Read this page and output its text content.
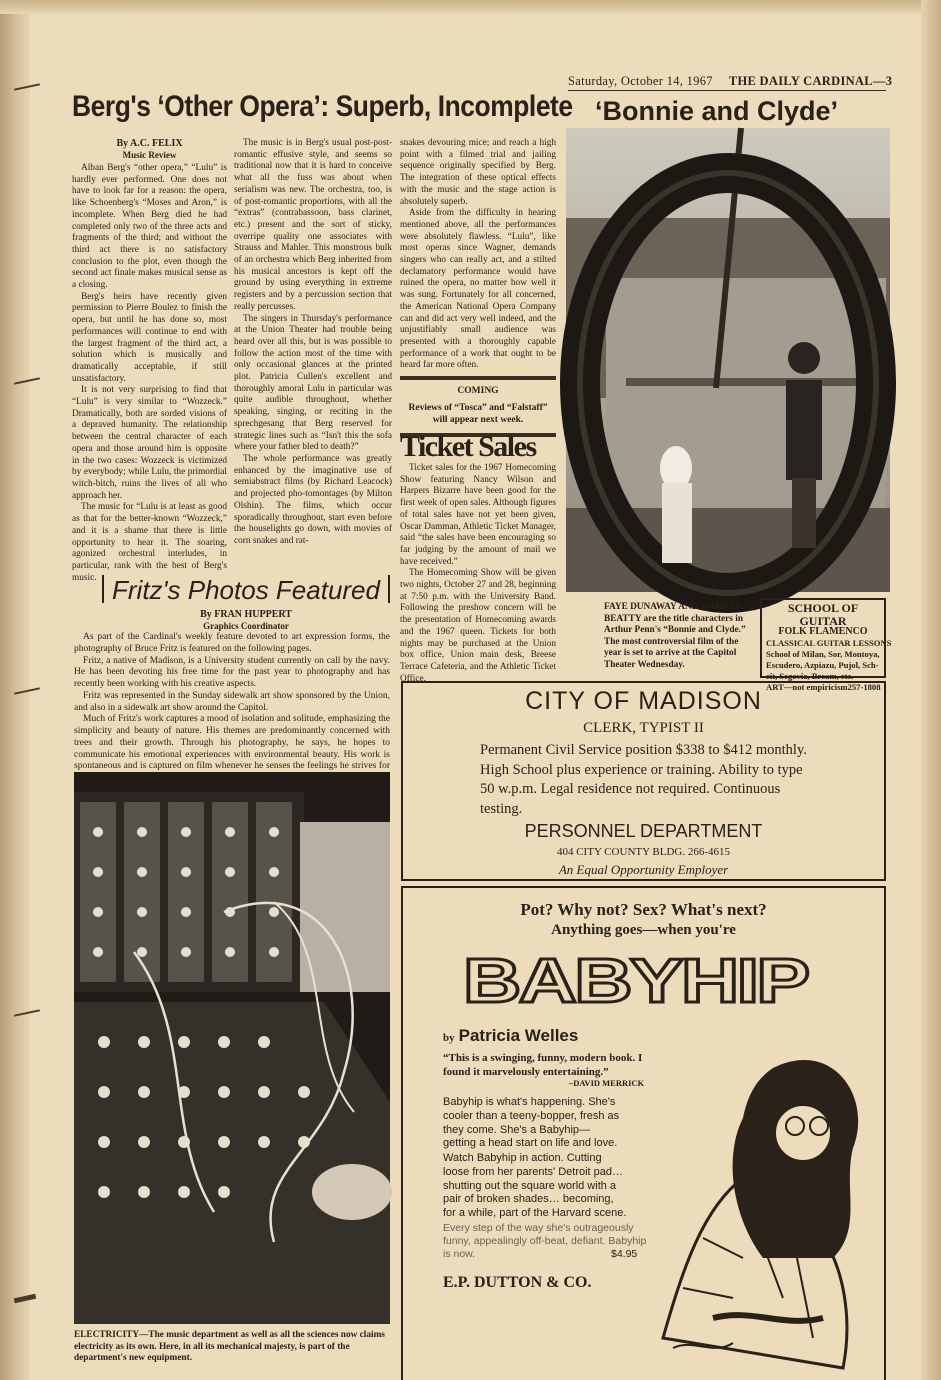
Saturday, October 14, 1967 THE DAILY CARDINAL—3
Berg's ‘Other Opera’: Superb, Incomplete ‘Bonnie and Clyde’
By A.C. FELIX
Music Review

Alban Berg's “other opera,” “Lulu” is hardly ever performed. One does not have to look far for a reason: the opera, like Schoenberg's “Moses and Aron,” is incomplete. When Berg died he had completed only two of the three acts and fragments of the third; and without the third act there is no satisfactory conclusion to the plot, even though the second act finale makes musical sense as a closing.

Berg's heirs have recently given permission to Pierre Boulez to finish the opera, but until he has done so, most performances will continue to end with the largest fragment of the third act, a solution which is musically and dramatically acceptable, if still unsatisfactory.

It is not very surprising to find that “Lulu” is very similar to “Wozzeck.” Dramatically, both are sorded visions of a depraved humanity. The relationship between the central character of each opera and those around him is opposite in the two cases: Wozzeck is victimized by everybody; while Lulu, the primordial witch-bitch, ruins the lives of all who approach her.

The music for “Lulu is at least as good as that for the better-known “Wozzeck,” and it is a shame that there is little opportunity to hear it. The soaring, agonized orchestral interludes, in particular, rank with the best of Berg's music.

The music is in Berg's usual post-post-romantic effusive style, and seems so traditional now that it is hard to conceive what all the fuss was about when serialism was new. The orchestra, too, is of post-romantic proportions, with all the “extras” (contrabassoon, bass clarinet, etc.) present and the sort of sticky, overripe quality one associates with Strauss and Mahler. This monstrous bulk of an orchestra which Berg inherited from his musical ancestors is kept off the ground by using everything in extreme registers and by a percussion section that really percusses.

The singers in Thursday's performance at the Union Theater had trouble being heard over all this, but is was possible to follow the action most of the time with only occasional glances at the printed plot. Patricia Cullen's excellent and thoroughly amoral Lulu in particular was quite audible throughout, whether speaking, singing, or reciting in the sprechgesang that Berg reserved for strategic lines such as “Isn't this the sofa where your father bled to death?”

The whole performance was greatly enhanced by the imaginative use of semiabstract films (by Richard Leacock) and projected pho-tomontages (by Milton Olshin). The films, which occur sporadically throughout, start even before the houselights go down, with movies of corn snakes and rat-

snakes devouring mice; and reach a high point with a filmed trial and jailing sequence originally specified by Berg. The integration of these optical effects with the music and the stage action is absolutely superb.

Aside from the difficulty in hearing mentioned above, all the performances were absolutely flawless. “Lulu”, like most operas since Wagner, demands singers who can really act, and a stilted declamatory performance would have ruined the opera, no matter how well it was sung. Fortunately for all concerned, the American National Opera Company can and did act very well indeed, and the unjustifiably small audience was presented with a thoroughly capable performance of a work that ought to be heard far more often.

COMING
Reviews of “Tosca” and “Falstaff” will appear next week.
Ticket Sales

Ticket sales for the 1967 Homecoming Show featuring Nancy Wilson and Harpers Bizarre have been good for the first week of open sales. Although figures of total sales have not yet been given, Oscar Damman, Athletic Ticket Manager, said “the sales have been encouraging so far judging by the amount of mail we have received.”

The Homecoming Show will be given two nights, October 27 and 28, beginning at 7:50 p.m. with the University Band. Following the preshow concern will be the presentation of Homecoming awards and the 1967 queen. Tickets for both nights may be purchased at the Union box office, Union main desk, Breese Terrace Cafeteria, and the Athletic Ticket Office.

FAYE DUNAWAY AND WARREN BEATTY are the title characters in Arthur Penn's “Bonnie and Clyde.” The most controversial film of the year is set to arrive at the Capitol Theater Wednesday.
SCHOOL OF GUITAR
FOLK FLAMENCO
CLASSICAL GUITAR LESSONS
School of Milan, Sor, Montoya,
Escudero, Azpiazu, Pujol, Sch-
eit, Segovia, Bream, etc.
ART—not empiricism 257-1808
Fritz's Photos Featured
By FRAN HUPPERT
Graphics Coordinator

As part of the Cardinal's weekly feature devoted to art expression forms, the photography of Bruce Fritz is featured on the following pages.

Fritz, a native of Madison, is a University student currently on call by the navy. He has been devoting his free time for the past year to photography and has recently been working with his creative aspects.

Fritz was represented in the Sunday sidewalk art show sponsored by the Union, and also in a sidewalk art show around the Capitol.

Much of Fritz's work captures a mood of isolation and solitude, emphasizing the simplicity and beauty of nature. His themes are predominantly concerned with trees and their growth. Through his photography, he says, he hopes to communicate his emotional experiences with environmental beauty. His work is spontaneous and is captured on film whenever he senses the feelings he strives for

ELECTRICITY—The music department as well as all the sciences now claims electricity as its own. Here, in all its mechanical majesty, is part of the department's new equipment.
CITY OF MADISON
CLERK, TYPIST II
Permanent Civil Service position $338 to $412 monthly. High School plus experience or training. Ability to type 50 w.p.m. Legal residence not required. Continuous testing.
PERSONNEL DEPARTMENT
404 CITY COUNTY BLDG. 266-4615
An Equal Opportunity Employer
Pot? Why not? Sex? What's next?
Anything goes—when you're
BABYHIP
by Patricia Welles
“This is a swinging, funny, modern book. I found it marvelously entertaining.”
–DAVID MERRICK
Babyhip is what's happening. She's cooler than a teeny-bopper, fresh as they come. She's a Babyhip—getting a head start on life and love.
Watch Babyhip in action. Cutting loose from her parents' Detroit pad… shutting out the square world with a pair of broken shades… becoming, for a while, part of the Harvard scene.
Every step of the way she's outrageously funny, appealingly off-beat, defiant. Babyhip is now.	$4.95
E.P. DUTTON & CO.
